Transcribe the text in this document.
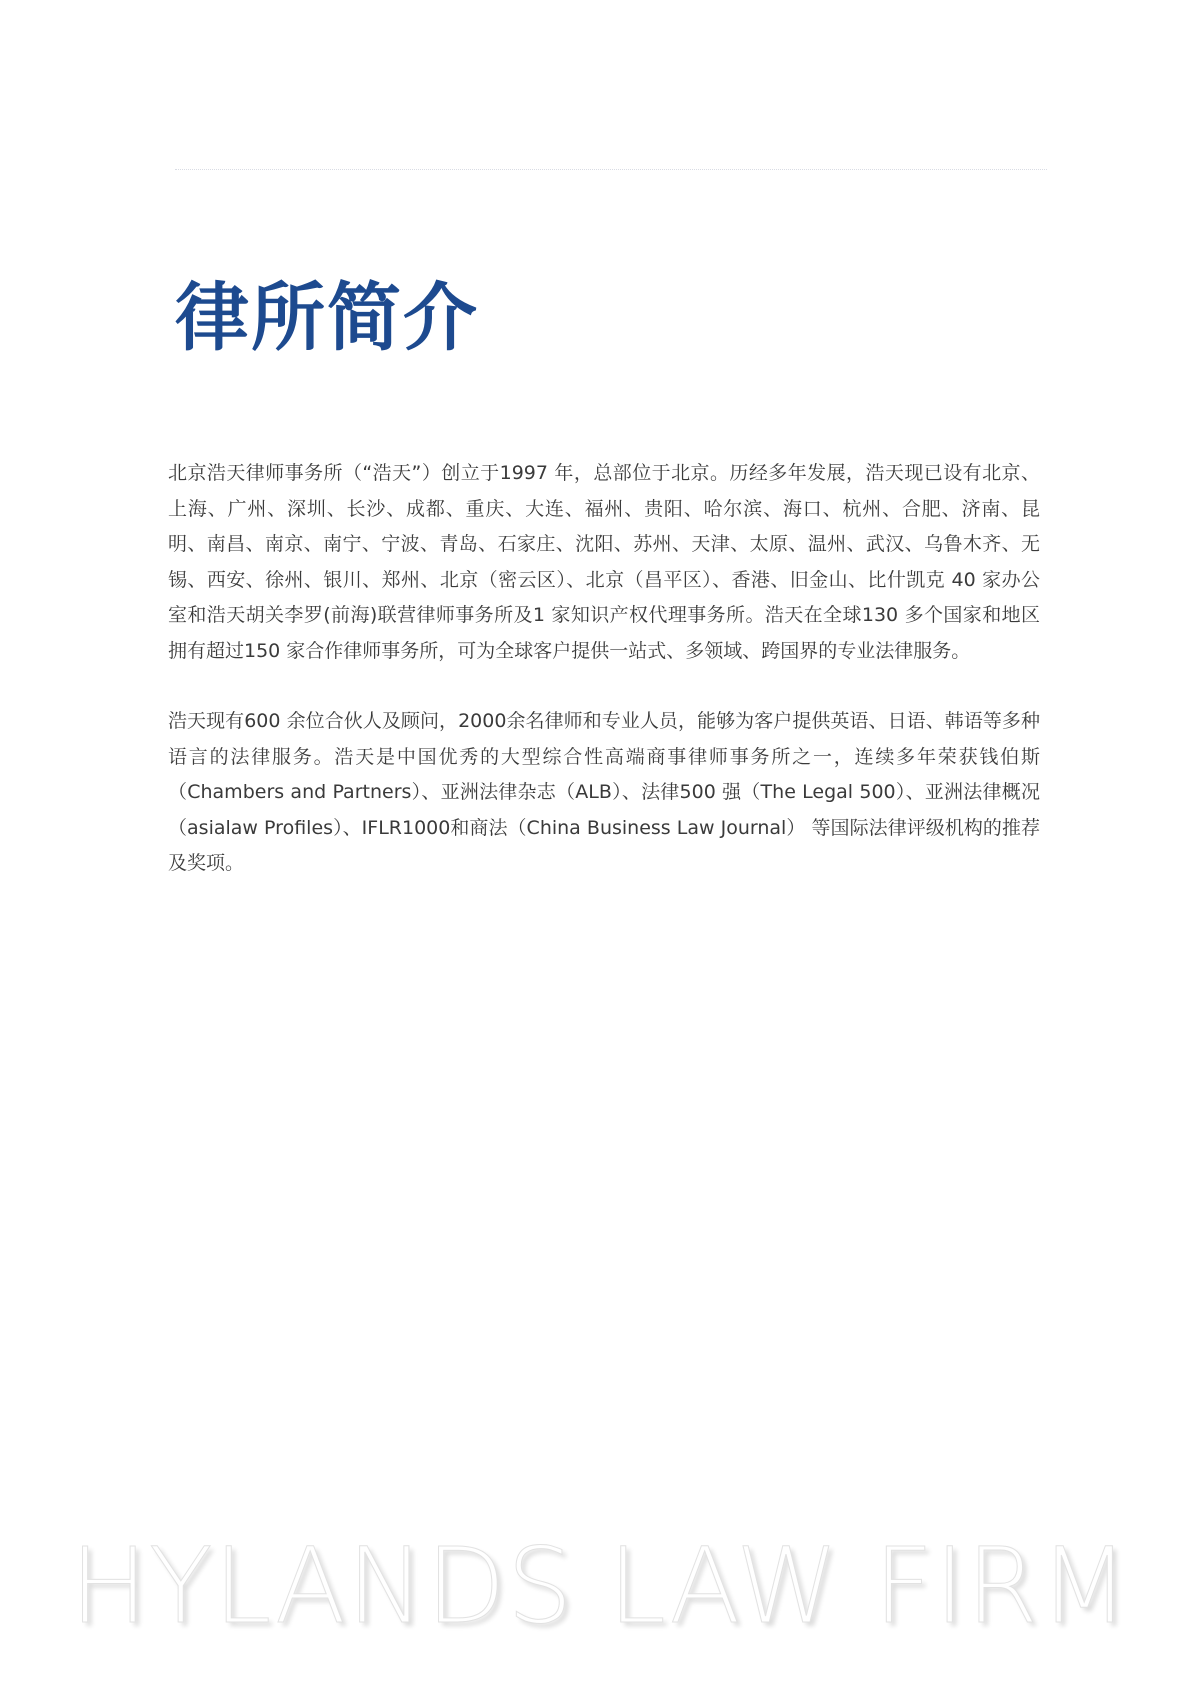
律所简介

北京浩天律师事务所（“浩天”）创立于1997 年，总部位于北京。历经多年发展，浩天现已设有北京、上海、广州、深圳、长沙、成都、重庆、大连、福州、贵阳、哈尔滨、海口、杭州、合肥、济南、昆明、南昌、南京、南宁、宁波、青岛、石家庄、沈阳、苏州、天津、太原、温州、武汉、乌鲁木齐、无锡、西安、徐州、银川、郑州、北京（密云区）、北京（昌平区）、香港、旧金山、比什凯克 40 家办公室和浩天胡关李罗(前海)联营律师事务所及1 家知识产权代理事务所。浩天在全球130 多个国家和地区拥有超过150 家合作律师事务所，可为全球客户提供一站式、多领域、跨国界的专业法律服务。

浩天现有600 余位合伙人及顾问，2000余名律师和专业人员，能够为客户提供英语、日语、韩语等多种语言的法律服务。浩天是中国优秀的大型综合性高端商事律师事务所之一，连续多年荣获钱伯斯（Chambers and Partners）、亚洲法律杂志（ALB）、法律500 强（The Legal 500）、亚洲法律概况（asialaw Profiles）、IFLR1000和商法（China Business Law Journal） 等国际法律评级机构的推荐及奖项。

HYLANDS LAW FIRM
